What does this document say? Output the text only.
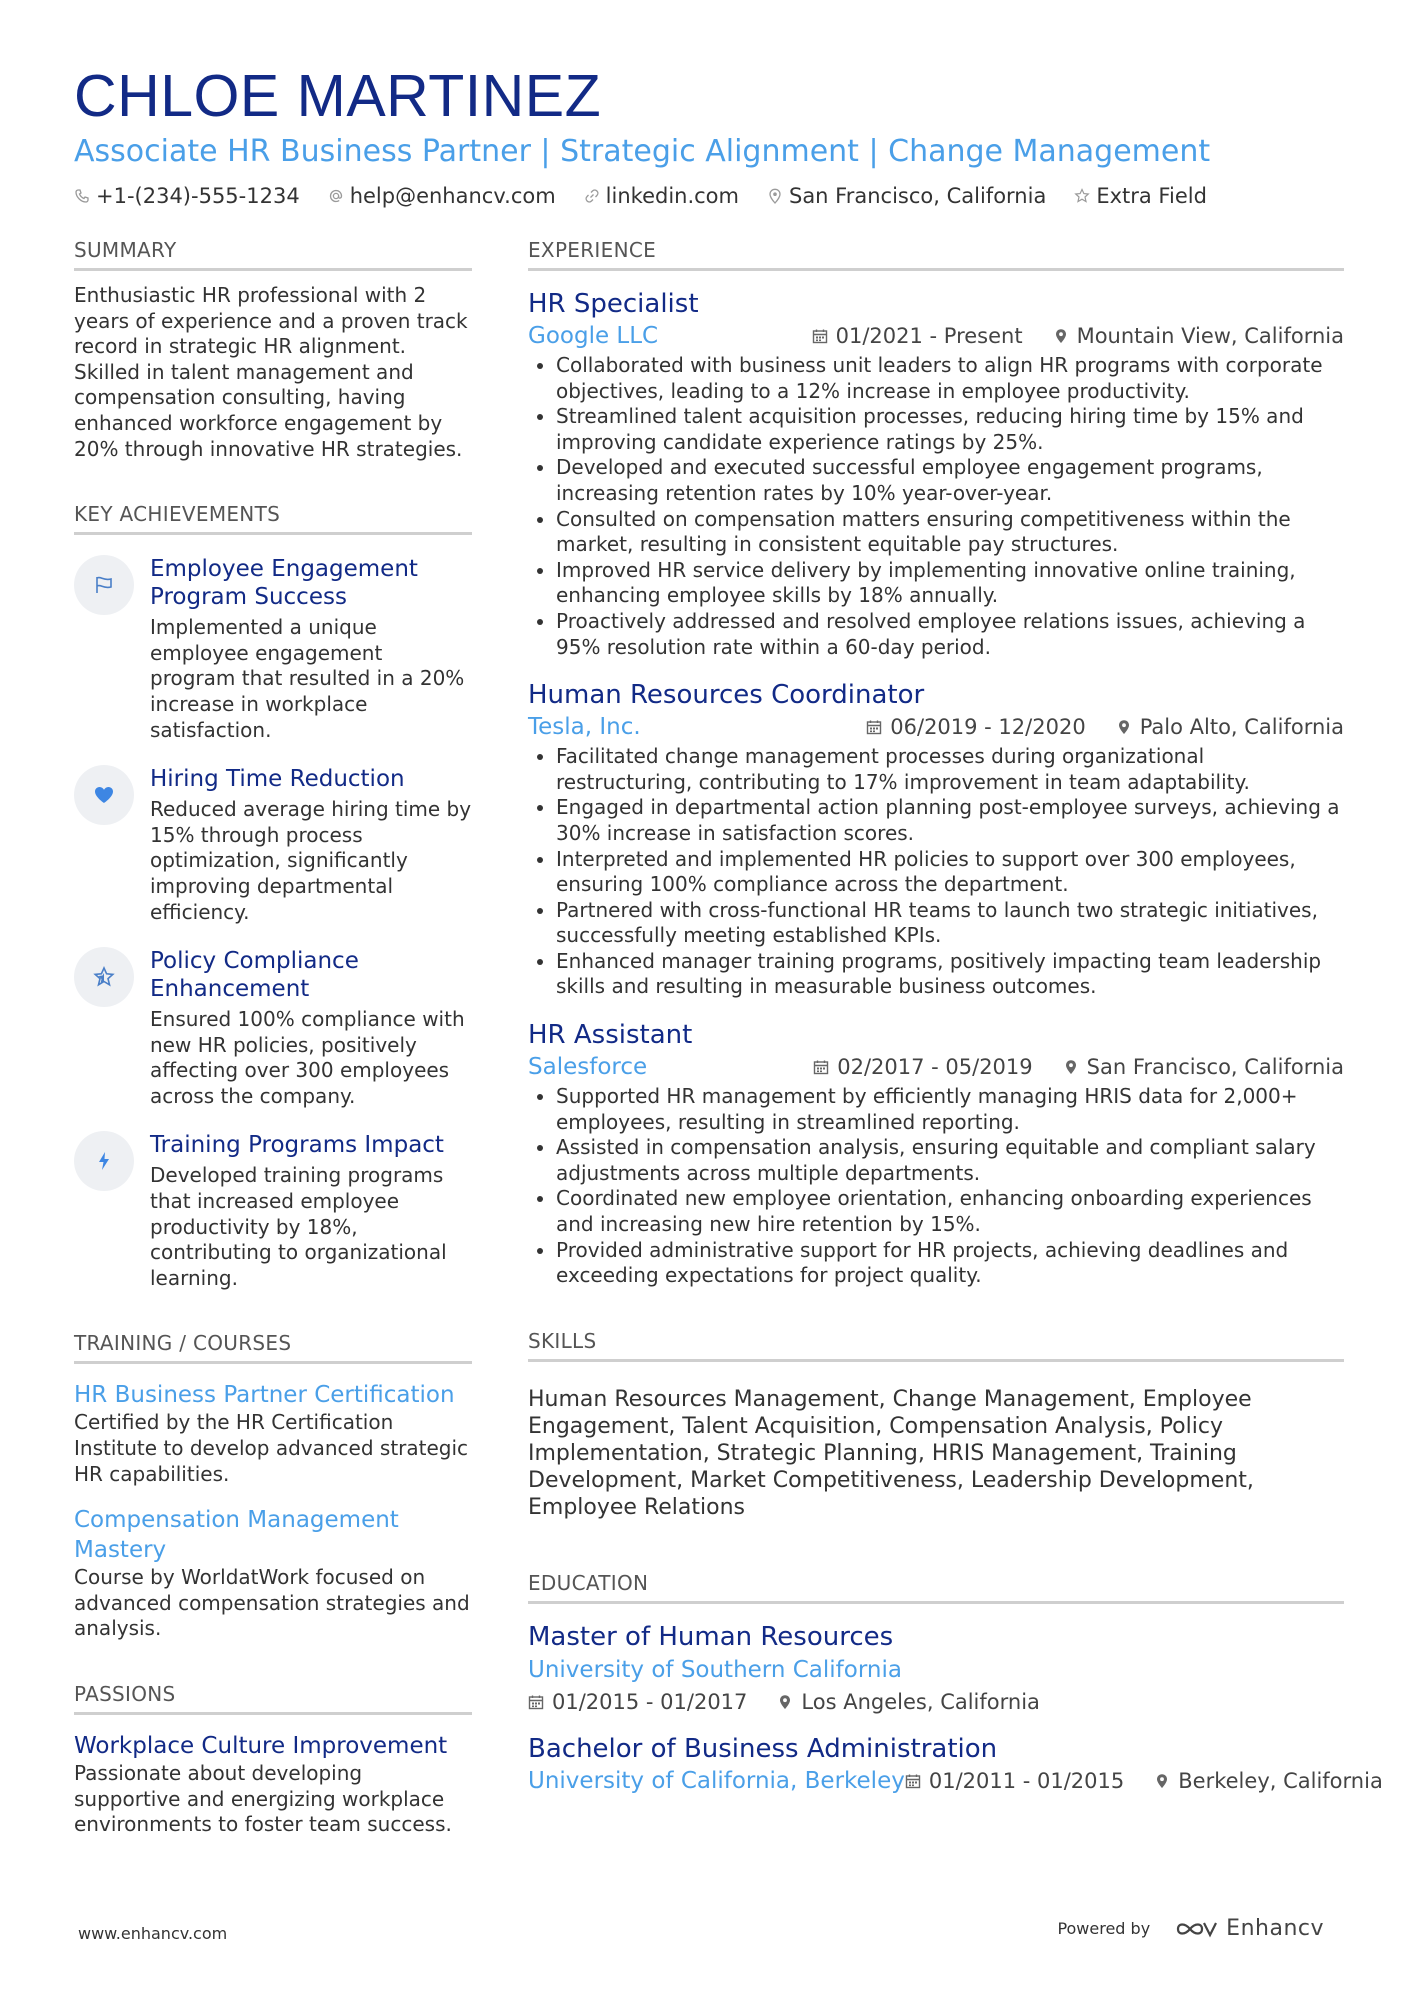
CHLOE MARTINEZ
Associate HR Business Partner | Strategic Alignment | Change Management
+1-(234)-555-1234 help@enhancv.com linkedin.com San Francisco, California Extra Field
SUMMARY
Enthusiastic HR professional with 2 years of experience and a proven track record in strategic HR alignment. Skilled in talent management and compensation consulting, having enhanced workforce engagement by 20% through innovative HR strategies.
KEY ACHIEVEMENTS
Employee Engagement Program Success
Implemented a unique employee engagement program that resulted in a 20% increase in workplace satisfaction.
Hiring Time Reduction
Reduced average hiring time by 15% through process optimization, significantly improving departmental efficiency.
Policy Compliance Enhancement
Ensured 100% compliance with new HR policies, positively affecting over 300 employees across the company.
Training Programs Impact
Developed training programs that increased employee productivity by 18%, contributing to organizational learning.
TRAINING / COURSES
HR Business Partner Certification
Certified by the HR Certification Institute to develop advanced strategic HR capabilities.
Compensation Management Mastery
Course by WorldatWork focused on advanced compensation strategies and analysis.
PASSIONS
Workplace Culture Improvement
Passionate about developing supportive and energizing workplace environments to foster team success.
EXPERIENCE
HR Specialist
Google LLC	01/2021 - Present	Mountain View, California
• Collaborated with business unit leaders to align HR programs with corporate objectives, leading to a 12% increase in employee productivity.
• Streamlined talent acquisition processes, reducing hiring time by 15% and improving candidate experience ratings by 25%.
• Developed and executed successful employee engagement programs, increasing retention rates by 10% year-over-year.
• Consulted on compensation matters ensuring competitiveness within the market, resulting in consistent equitable pay structures.
• Improved HR service delivery by implementing innovative online training, enhancing employee skills by 18% annually.
• Proactively addressed and resolved employee relations issues, achieving a 95% resolution rate within a 60-day period.
Human Resources Coordinator
Tesla, Inc.	06/2019 - 12/2020	Palo Alto, California
• Facilitated change management processes during organizational restructuring, contributing to 17% improvement in team adaptability.
• Engaged in departmental action planning post-employee surveys, achieving a 30% increase in satisfaction scores.
• Interpreted and implemented HR policies to support over 300 employees, ensuring 100% compliance across the department.
• Partnered with cross-functional HR teams to launch two strategic initiatives, successfully meeting established KPIs.
• Enhanced manager training programs, positively impacting team leadership skills and resulting in measurable business outcomes.
HR Assistant
Salesforce	02/2017 - 05/2019	San Francisco, California
• Supported HR management by efficiently managing HRIS data for 2,000+ employees, resulting in streamlined reporting.
• Assisted in compensation analysis, ensuring equitable and compliant salary adjustments across multiple departments.
• Coordinated new employee orientation, enhancing onboarding experiences and increasing new hire retention by 15%.
• Provided administrative support for HR projects, achieving deadlines and exceeding expectations for project quality.
SKILLS
Human Resources Management, Change Management, Employee Engagement, Talent Acquisition, Compensation Analysis, Policy Implementation, Strategic Planning, HRIS Management, Training Development, Market Competitiveness, Leadership Development, Employee Relations
EDUCATION
Master of Human Resources
University of Southern California
01/2015 - 01/2017	Los Angeles, California
Bachelor of Business Administration
University of California, Berkeley 01/2011 - 01/2015	Berkeley, California
www.enhancv.com	Powered by	Enhancv
